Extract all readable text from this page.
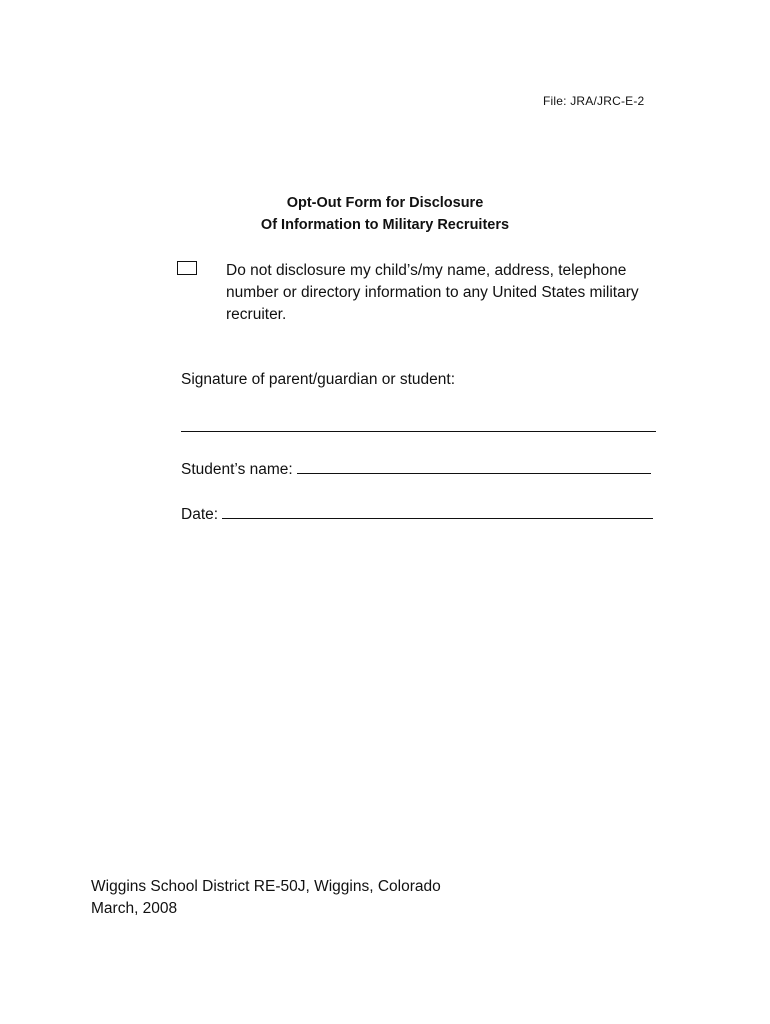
File: JRA/JRC-E-2
Opt-Out Form for Disclosure
Of Information to Military Recruiters
Do not disclosure my child’s/my name, address, telephone number or directory information to any United States military recruiter.
Signature of parent/guardian or student:
Student’s name:
Date:
Wiggins School District RE-50J, Wiggins, Colorado
March, 2008
